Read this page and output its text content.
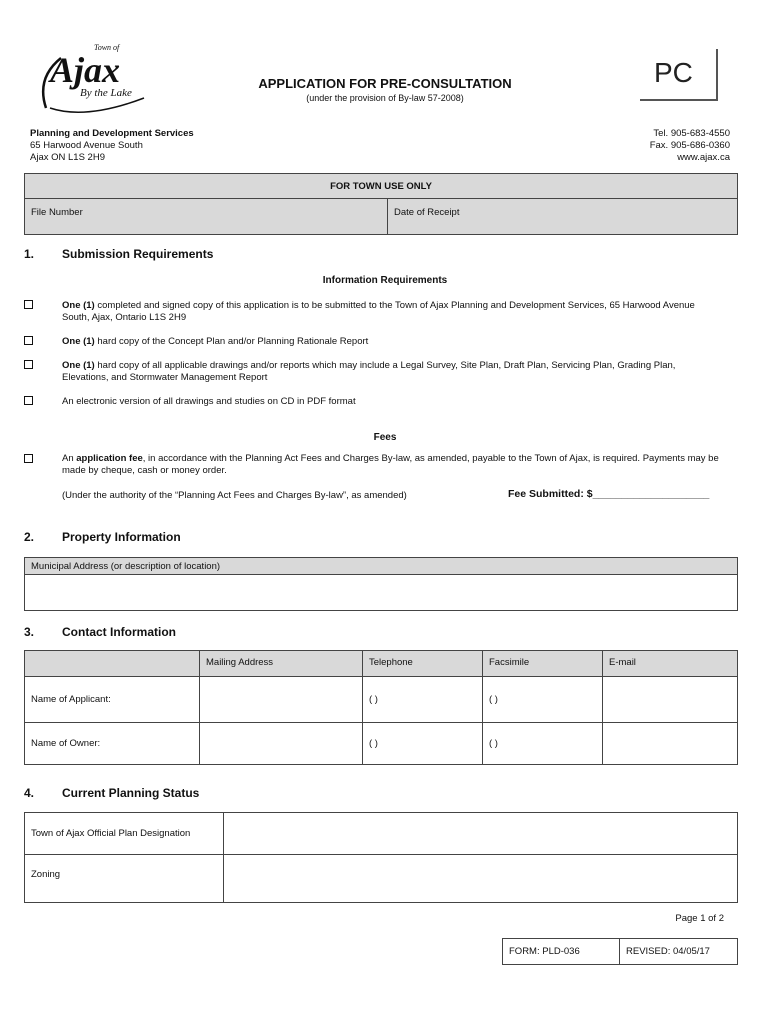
Town of
Ajax
By the Lake
PC
APPLICATION FOR PRE-CONSULTATION
(under the provision of By-law 57-2008)
Planning and Development Services
65 Harwood Avenue South
Ajax ON L1S 2H9
Tel. 905-683-4550
Fax. 905-686-0360
www.ajax.ca
FOR TOWN USE ONLY
File Number	Date of Receipt
1. Submission Requirements
Information Requirements
One (1) completed and signed copy of this application is to be submitted to the Town of Ajax Planning and Development Services, 65 Harwood Avenue South, Ajax, Ontario L1S 2H9
One (1) hard copy of the Concept Plan and/or Planning Rationale Report
One (1) hard copy of all applicable drawings and/or reports which may include a Legal Survey, Site Plan, Draft Plan, Servicing Plan, Grading Plan, Elevations, and Stormwater Management Report
An electronic version of all drawings and studies on CD in PDF format
Fees
An application fee, in accordance with the Planning Act Fees and Charges By-law, as amended, payable to the Town of Ajax, is required. Payments may be made by cheque, cash or money order.
(Under the authority of the “Planning Act Fees and Charges By-law”, as amended)	Fee Submitted: $____________________
2. Property Information
Municipal Address (or description of location)

3. Contact Information
	Mailing Address	Telephone	Facsimile	E-mail
Name of Applicant:		( )	( )	
Name of Owner:		( )	( )	
4. Current Planning Status
Town of Ajax Official Plan Designation	
Zoning	
Page 1 of 2
FORM: PLD-036	REVISED: 04/05/17
